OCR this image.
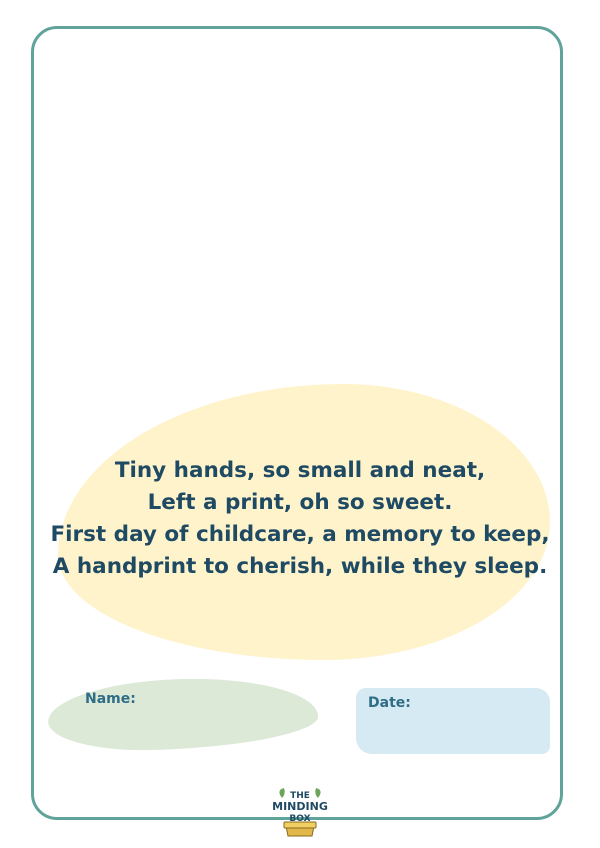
Tiny hands, so small and neat,
Left a print, oh so sweet.
First day of childcare, a memory to keep,
A handprint to cherish, while they sleep.
Name:	Date:
THE
MINDING
BOX
